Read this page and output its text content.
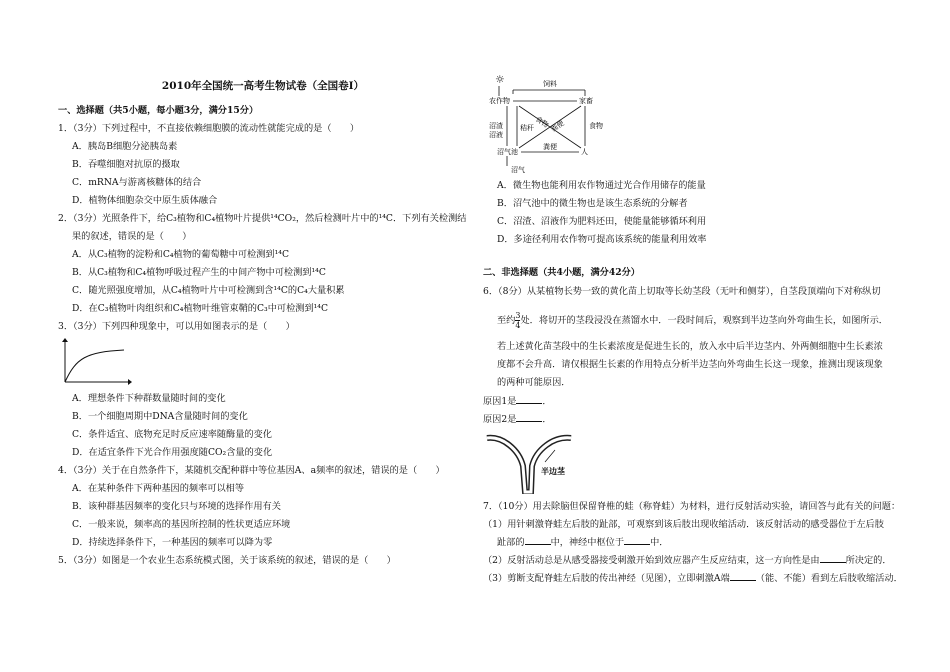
2010年全国统一高考生物试卷（全国卷Ⅰ）
一、选择题（共5小题，每小题3分，满分15分）
1．（3分）下列过程中，不直接依赖细胞膜的流动性就能完成的是（　　）
A．胰岛B细胞分泌胰岛素
B．吞噬细胞对抗原的摄取
C．mRNA与游离核糖体的结合
D．植物体细胞杂交中原生质体融合
2．（3分）光照条件下，给C₃植物和C₄植物叶片提供¹⁴CO₂，然后检测叶片中的¹⁴C．下列有关检测结
果的叙述，错误的是（　　）
A．从C₃植物的淀粉和C₄植物的葡萄糖中可检测到¹⁴C
B．从C₃植物和C₄植物呼吸过程产生的中间产物中可检测到¹⁴C
C．随光照强度增加，从C₄植物叶片中可检测到含¹⁴C的C₄大量积累
D．在C₃植物叶肉组织和C₄植物叶维管束鞘的C₃中可检测到¹⁴C
3．（3分）下列四种现象中，可以用如图表示的是（　　）
A．理想条件下种群数量随时间的变化
B．一个细胞周期中DNA含量随时间的变化
C．条件适宜、底物充足时反应速率随酶量的变化
D．在适宜条件下光合作用强度随CO₂含量的变化
4．（3分）关于在自然条件下，某随机交配种群中等位基因A、a频率的叙述，错误的是（　　）
A．在某种条件下两种基因的频率可以相等
B．该种群基因频率的变化只与环境的选择作用有关
C．一般来说，频率高的基因所控制的性状更适应环境
D．持续选择条件下，一种基因的频率可以降为零
5．（3分）如图是一个农业生态系统模式图，关于该系统的叙述，错误的是（　　）
☼	饲料
农作物	家畜
沼渣
沼液
秸秆 食物 粪便	食物
沼气池
粪便
人
沼气
A．微生物也能利用农作物通过光合作用储存的能量
B．沼气池中的微生物也是该生态系统的分解者
C．沼渣、沼液作为肥料还田，使能量能够循环利用
D．多途径利用农作物可提高该系统的能量利用效率
二、非选择题（共4小题，满分42分）
6．（8分）从某植物长势一致的黄化苗上切取等长幼茎段（无叶和侧芽），自茎段顶端向下对称纵切
至约 $\frac{3}{4}$ 处．将切开的茎段浸没在蒸馏水中．一段时间后，观察到半边茎向外弯曲生长，如图所示．
若上述黄化苗茎段中的生长素浓度是促进生长的，放入水中后半边茎内、外两侧细胞中生长素浓
度都不会升高．请仅根据生长素的作用特点分析半边茎向外弯曲生长这一现象，推测出现该现象
的两种可能原因．
原因1是	．
原因2是	．
半边茎
7．（10分）用去除脑但保留脊椎的蛙（称脊蛙）为材料，进行反射活动实验，请回答与此有关的问题：
（1）用针刺激脊蛙左后肢的趾部，可观察到该后肢出现收缩活动．该反射活动的感受器位于左后肢
趾部的	中，神经中枢位于	中．
（2）反射活动总是从感受器接受刺激开始到效应器产生反应结束，这一方向性是由	所决定的．
（3）剪断支配脊蛙左后肢的传出神经（见图），立即刺激A端	（能、不能）看到左后肢收缩活动．
